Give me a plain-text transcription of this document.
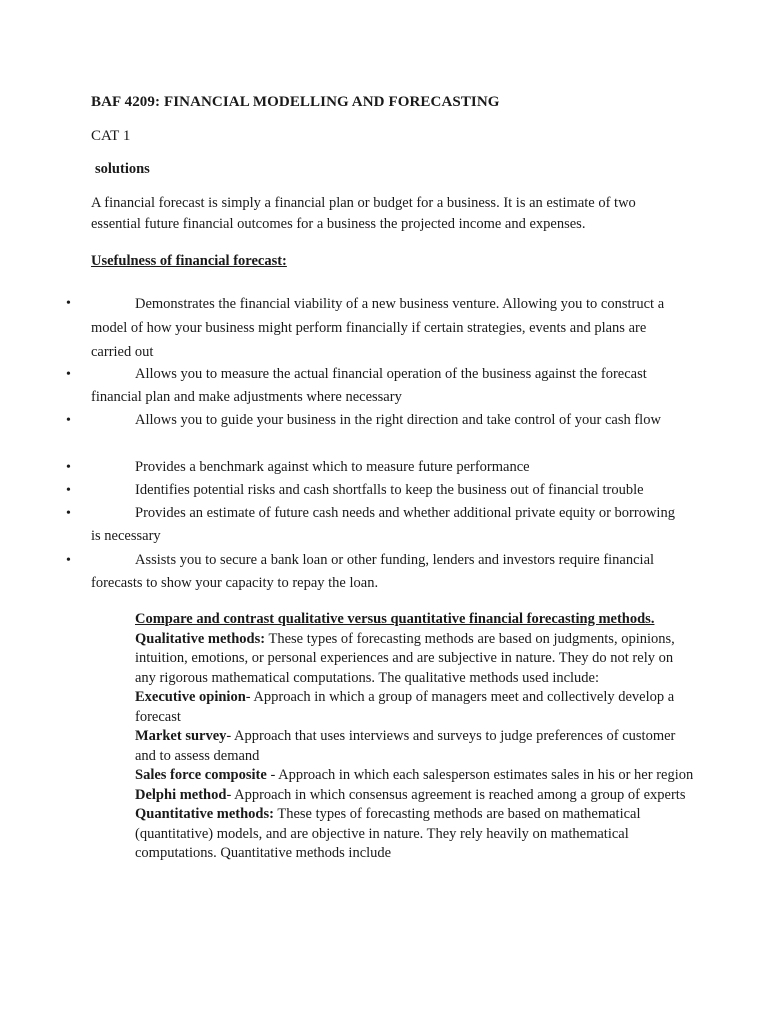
BAF 4209: FINANCIAL MODELLING AND FORECASTING
CAT 1
solutions
A financial forecast is simply a financial plan or budget for a business. It is an estimate of two essential future financial outcomes for a business the projected income and expenses.
Usefulness of financial forecast:
•	Demonstrates the financial viability of a new business venture. Allowing you to construct a model of how your business might perform financially if certain strategies, events and plans are carried out
•	Allows you to measure the actual financial operation of the business against the forecast financial plan and make adjustments where necessary
•	Allows you to guide your business in the right direction and take control of your cash flow
•	Provides a benchmark against which to measure future performance
•	Identifies potential risks and cash shortfalls to keep the business out of financial trouble
•	Provides an estimate of future cash needs and whether additional private equity or borrowing is necessary
•	Assists you to secure a bank loan or other funding, lenders and investors require financial forecasts to show your capacity to repay the loan.

Compare and contrast qualitative versus quantitative financial forecasting methods.

Qualitative methods: These types of forecasting methods are based on judgments, opinions, intuition, emotions, or personal experiences and are subjective in nature. They do not rely on any rigorous mathematical computations. The qualitative methods used include:

Executive opinion- Approach in which a group of managers meet and collectively develop a forecast

Market survey- Approach that uses interviews and surveys to judge preferences of customer and to assess demand

Sales force composite - Approach in which each salesperson estimates sales in his or her region

Delphi method- Approach in which consensus agreement is reached among a group of experts

Quantitative methods: These types of forecasting methods are based on mathematical (quantitative) models, and are objective in nature. They rely heavily on mathematical computations. Quantitative methods include
